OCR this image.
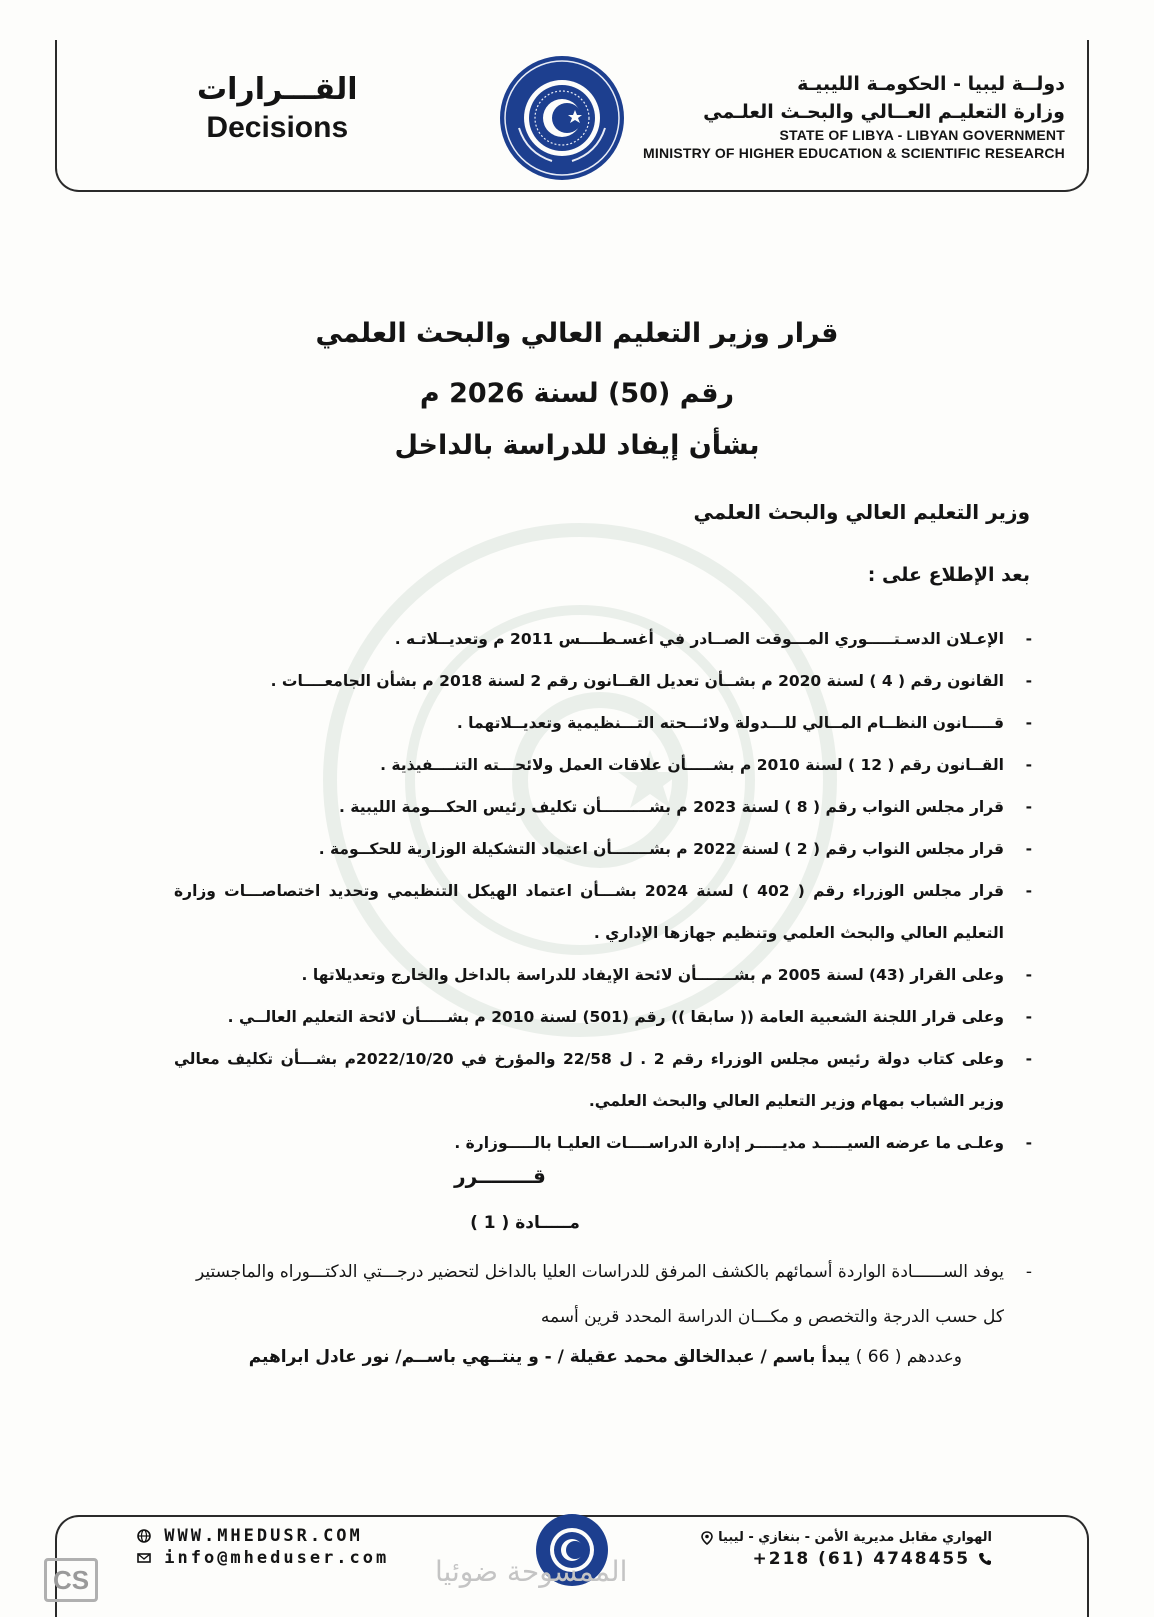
القـــرارات
Decisions
دولــة ليبيا - الحكومـة الليبيـة
وزارة التعليـم العــالي والبحـث العلـمي
STATE OF LIBYA - LIBYAN GOVERNMENT
MINISTRY OF HIGHER EDUCATION & SCIENTIFIC RESEARCH
قرار وزير التعليم العالي والبحث العلمي
رقم (50) لسنة 2026 م
بشأن إيفاد للدراسة بالداخل
وزير التعليم العالي والبحث العلمي
بعد الإطلاع على :
-
الإعـلان الدسـتـــــوري المـــوقت الصــادر في أغسـطــــس 2011 م وتعديــلاتـه .
-
القانون رقم ( 4 ) لسنة 2020 م بشــأن تعديل القــانون رقم 2 لسنة 2018 م بشأن الجامعــــات .
-
قـــــانون النظــام المــالي للـــدولة ولائـــحته التـــنظيمية وتعديــلاتهما .
-
القــانون رقم ( 12 ) لسنة 2010 م بشـــــأن علاقات العمل ولائحـــته التنــــفيذية .
-
قرار مجلس النواب رقم ( 8 ) لسنة 2023 م بشـــــــــأن تكليف رئيس الحكـــومة الليبية .
-
قرار مجلس النواب رقم ( 2 ) لسنة 2022 م بشـــــــأن اعتماد التشكيلة الوزارية للحكــومة .
-
قرار مجلس الوزراء رقم ( 402 ) لسنة 2024 بشـــأن اعتماد الهيكل التنظيمي وتحديد اختصاصـــات وزارة التعليم العالي والبحث العلمي وتنظيم جهازها الإداري .
-
وعلى القرار (43) لسنة 2005 م بشـــــــأن لائحة الإيفاد للدراسة بالداخل والخارج وتعديلاتها .
-
وعلى قرار اللجنة الشعبية العامة (( سابقا )) رقم (501) لسنة 2010 م بشـــــأن لائحة التعليم العالــي .
-
وعلى كتاب دولة رئيس مجلس الوزراء رقم 2 . ل 22/58 والمؤرخ في 2022/10/20م بشـــأن تكليف معالي وزير الشباب بمهام وزير التعليم العالي والبحث العلمي.
-
وعلـى ما عرضه السيـــــد مديـــــر إدارة الدراســــات العليـا بالـــــوزارة .
قــــــــرر
مـــــادة ( 1 )
-
يوفد الســــــادة الواردة أسمائهم بالكشف المرفق للدراسات العليا بالداخل لتحضير درجـــتي الدكتـــوراه والماجستير كل حسب الدرجة والتخصص و مكـــان الدراسة المحدد قرين أسمه
وعددهم ( 66 ) يبدأ باسم / عبدالخالق محمد عقيلة / - و ينتــهي باســم/ نور عادل ابراهيم
WWW.MHEDUSR.COM
info@mheduser.com
الهواري مقابل مديرية الأمن - بنغازي - ليبيا
+218 (61) 4748455
CS	الممسوحة ضوئيا
